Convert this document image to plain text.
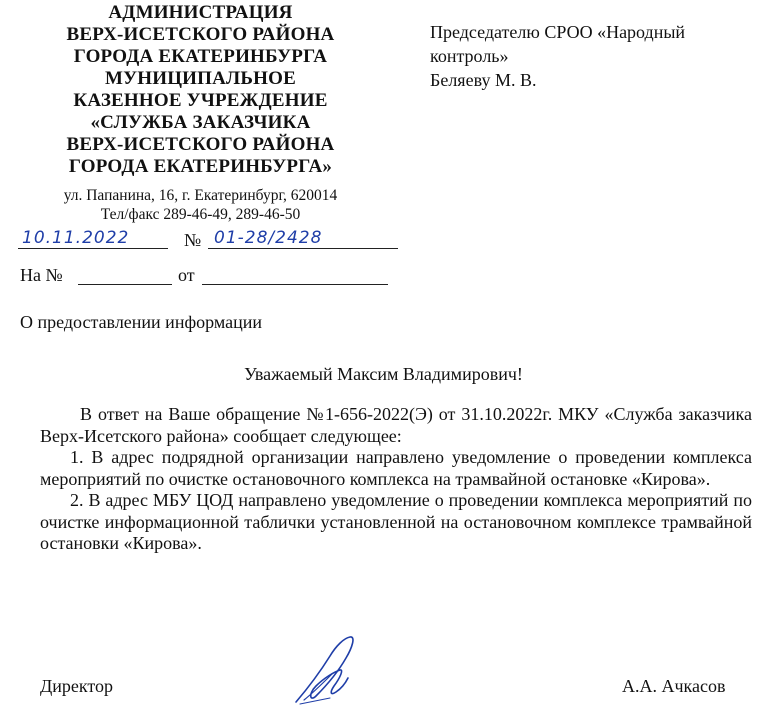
АДМИНИСТРАЦИЯ
ВЕРХ-ИСЕТСКОГО РАЙОНА
ГОРОДА ЕКАТЕРИНБУРГА
МУНИЦИПАЛЬНОЕ
КАЗЕННОЕ УЧРЕЖДЕНИЕ
«СЛУЖБА ЗАКАЗЧИКА
ВЕРХ-ИСЕТСКОГО РАЙОНА
ГОРОДА ЕКАТЕРИНБУРГА»
ул. Папанина, 16, г. Екатеринбург, 620014
Тел/факс 289-46-49, 289-46-50
Председателю СРОО «Народный
контроль»
Беляеву М. В.
10.11.2022	№ 01-28/2428
На №	от
О предоставлении информации
Уважаемый Максим Владимирович!

В ответ на Ваше обращение №1-656-2022(Э) от 31.10.2022г. МКУ «Служба заказчика Верх-Исетского района» сообщает следующее:

1. В адрес подрядной организации направлено уведомление о проведении комплекса мероприятий по очистке остановочного комплекса на трамвайной остановке «Кирова».

2. В адрес МБУ ЦОД направлено уведомление о проведении комплекса мероприятий по очистке информационной таблички установленной на остановочном комплексе трамвайной остановки «Кирова».

Директор	А.А. Ачкасов
